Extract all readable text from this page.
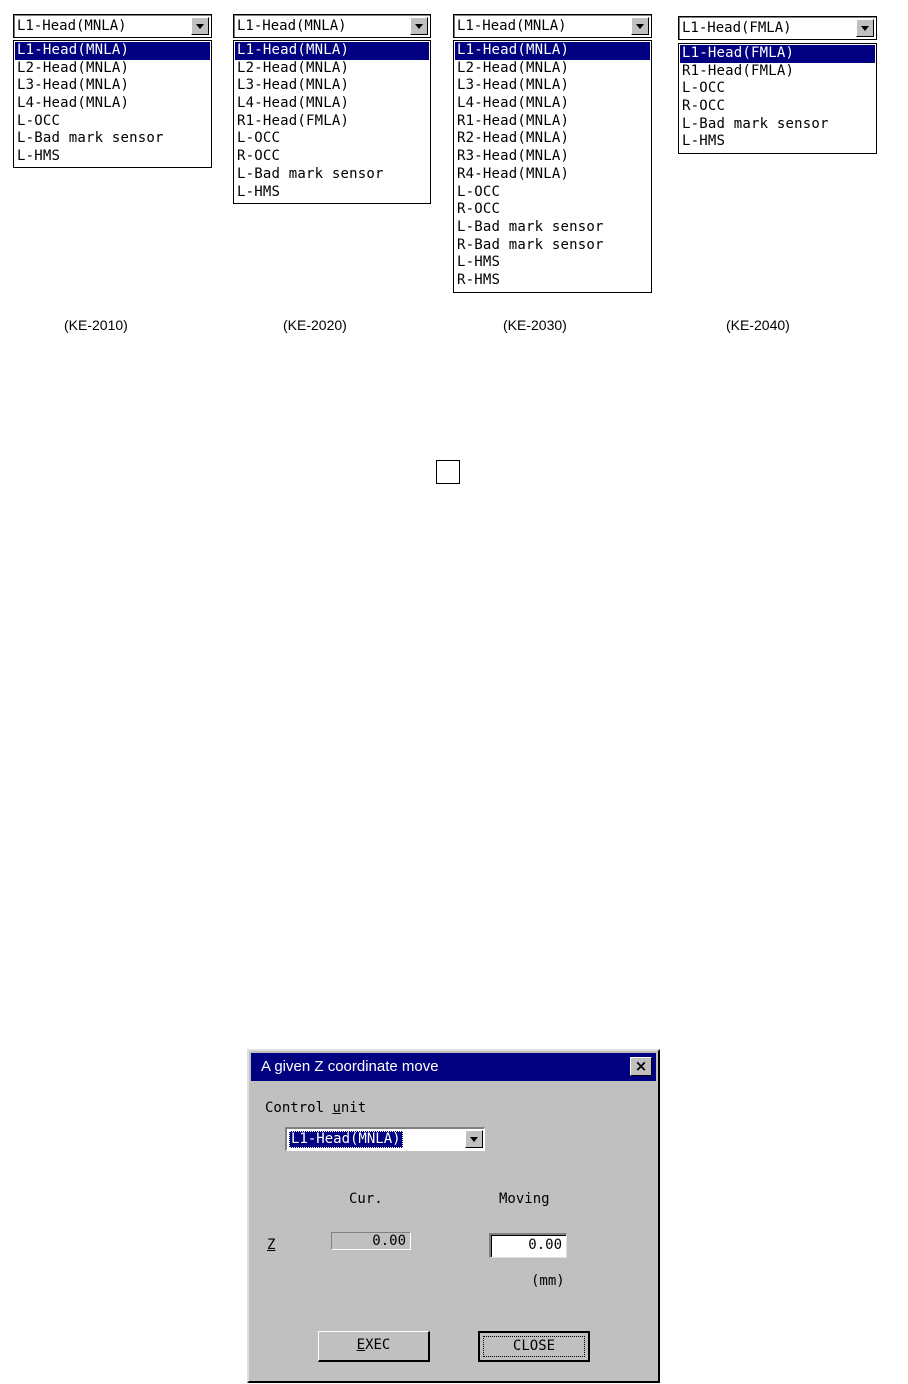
L1-Head(MNLA)
L1-Head(MNLA)
L2-Head(MNLA)
L3-Head(MNLA)
L4-Head(MNLA)
L-OCC
L-Bad mark sensor
L-HMS
(KE-2010)
L1-Head(MNLA)
L1-Head(MNLA)
L2-Head(MNLA)
L3-Head(MNLA)
L4-Head(MNLA)
R1-Head(FMLA)
L-OCC
R-OCC
L-Bad mark sensor
L-HMS
(KE-2020)
L1-Head(MNLA)
L1-Head(MNLA)
L2-Head(MNLA)
L3-Head(MNLA)
L4-Head(MNLA)
R1-Head(MNLA)
R2-Head(MNLA)
R3-Head(MNLA)
R4-Head(MNLA)
L-OCC
R-OCC
L-Bad mark sensor
R-Bad mark sensor
L-HMS
R-HMS
(KE-2030)
L1-Head(FMLA)
L1-Head(FMLA)
R1-Head(FMLA)
L-OCC
R-OCC
L-Bad mark sensor
L-HMS
(KE-2040)
A given Z coordinate move	×
Control unit
L1-Head(MNLA)
Cur.	Moving
Z	0.00	0.00
(mm)
EXEC	CLOSE
